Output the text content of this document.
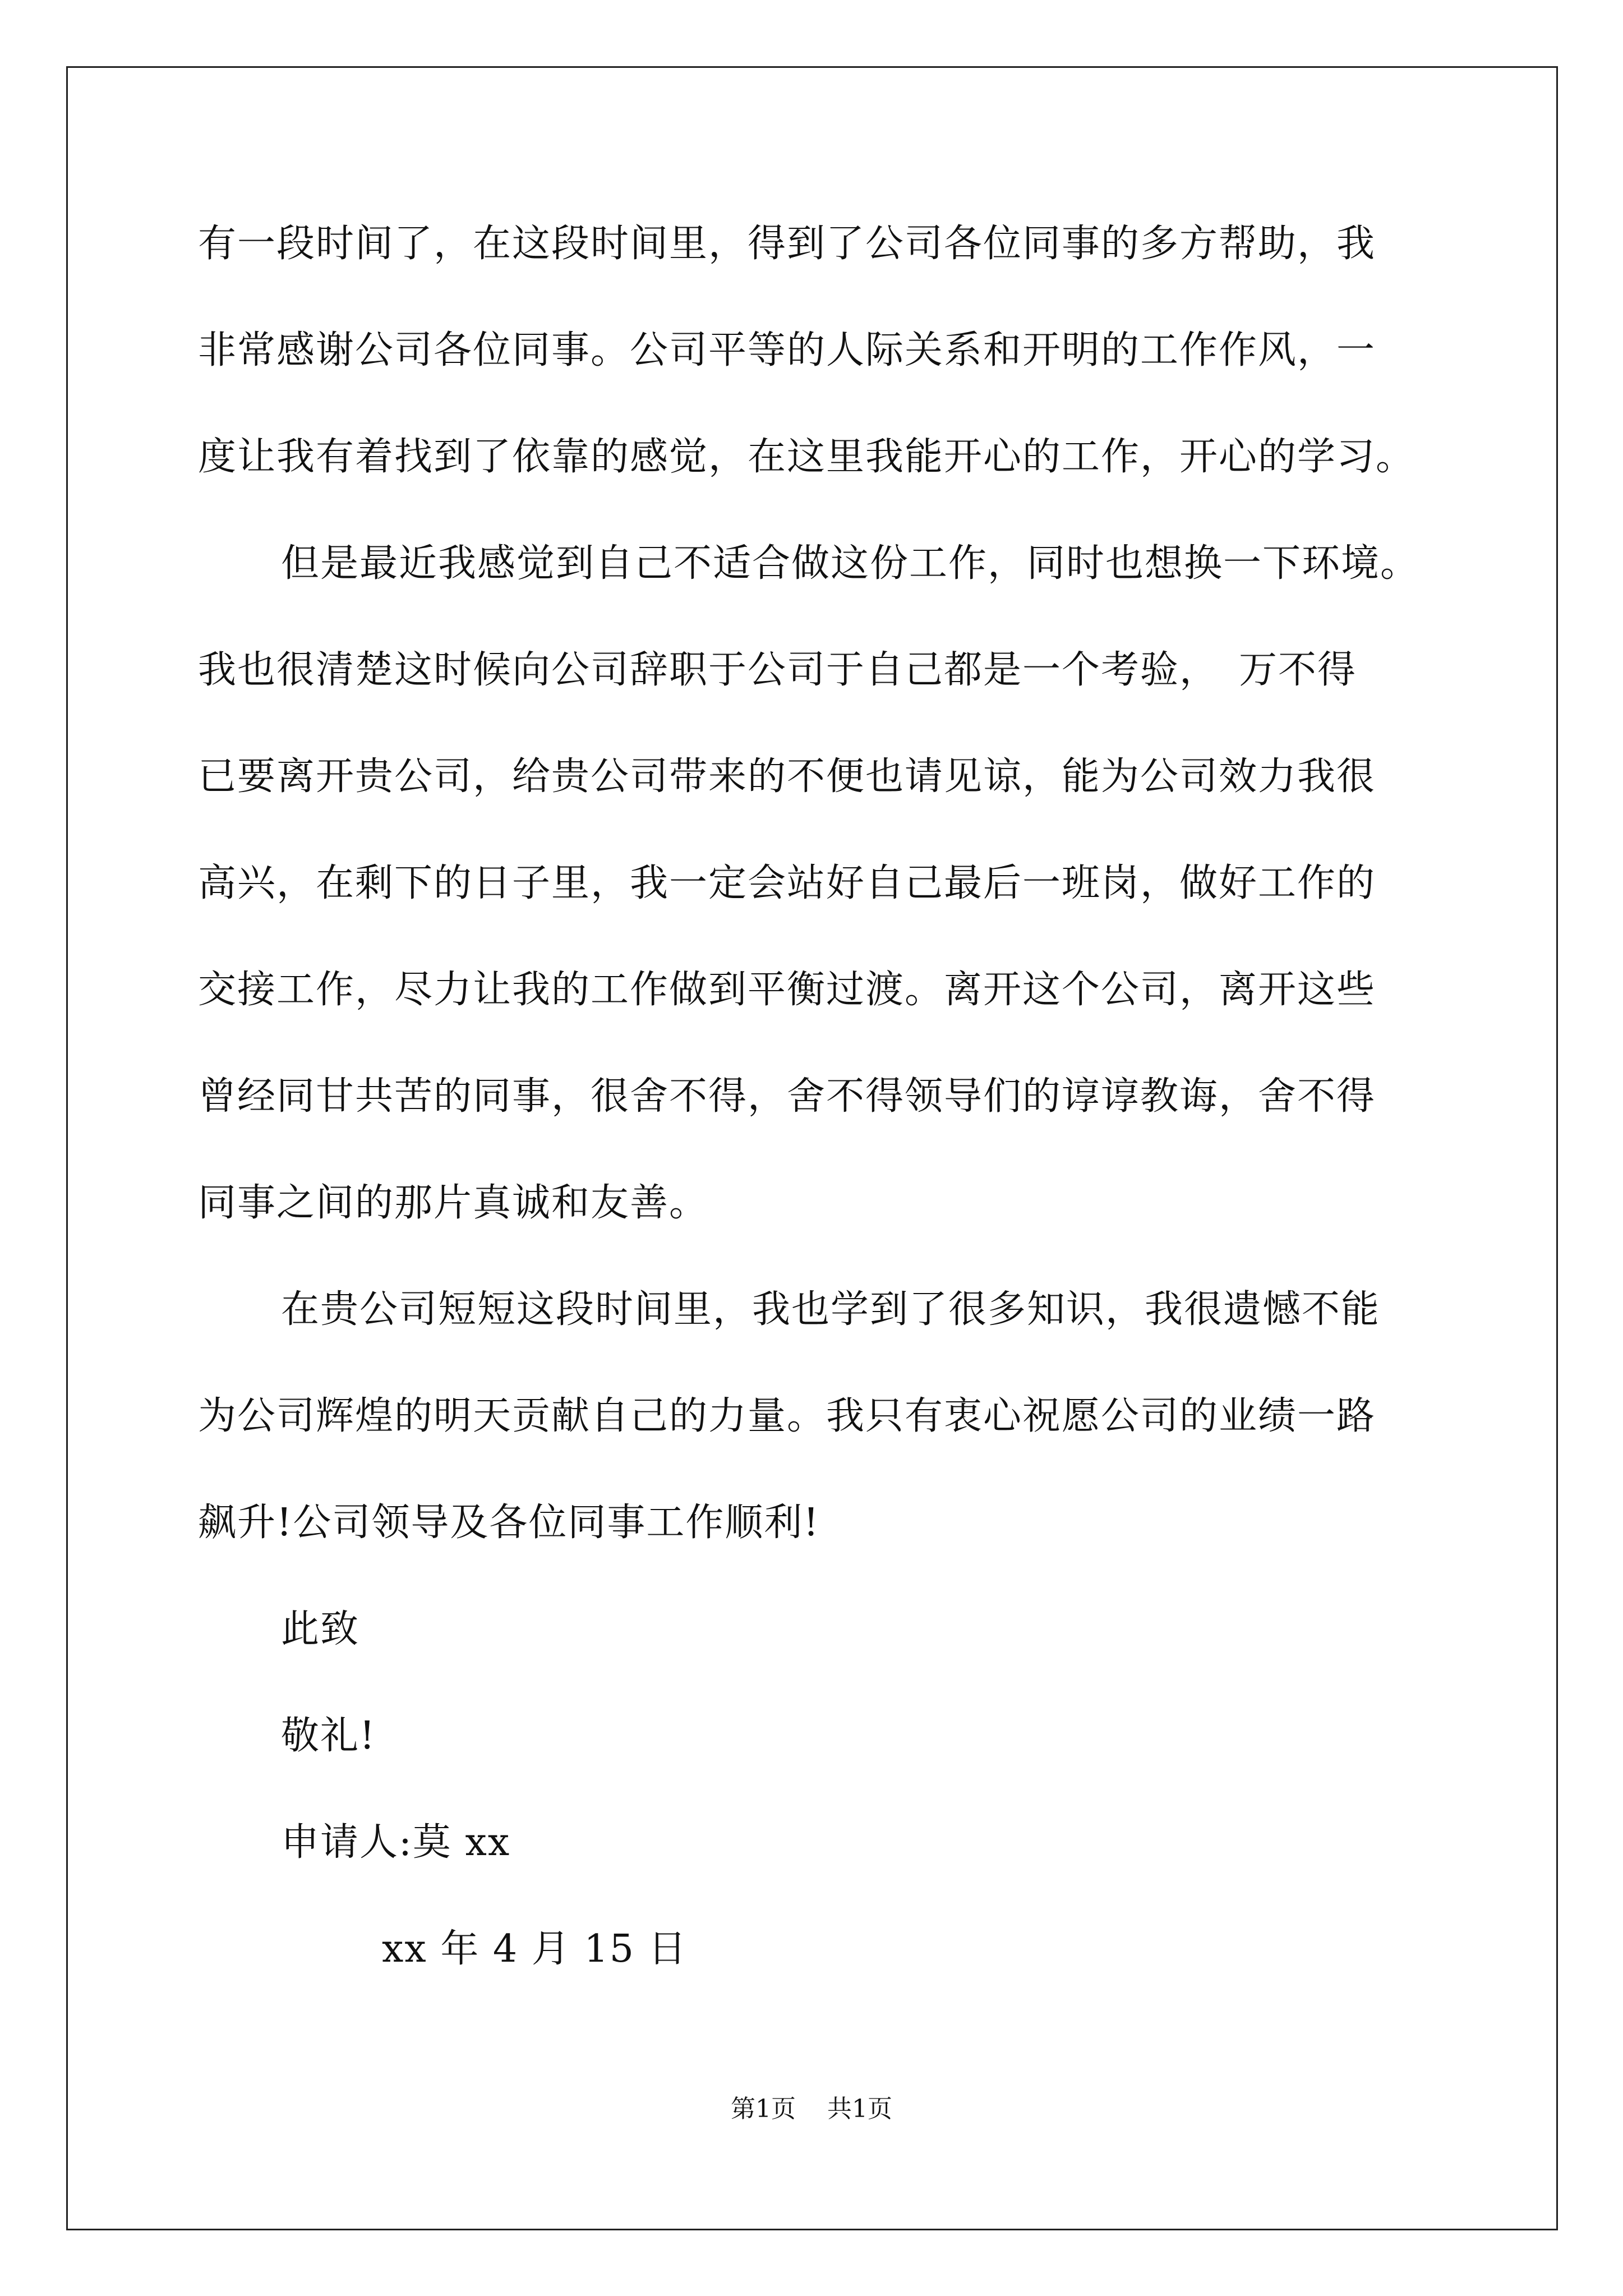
有一段时间了，在这段时间里，得到了公司各位同事的多方帮助，我
非常感谢公司各位同事。公司平等的人际关系和开明的工作作风，一
度让我有着找到了依靠的感觉，在这里我能开心的工作，开心的学习。
但是最近我感觉到自己不适合做这份工作，同时也想换一下环境。
我也很清楚这时候向公司辞职于公司于自己都是一个考验，　万不得
已要离开贵公司，给贵公司带来的不便也请见谅，能为公司效力我很
高兴，在剩下的日子里，我一定会站好自己最后一班岗，做好工作的
交接工作，尽力让我的工作做到平衡过渡。离开这个公司，离开这些
曾经同甘共苦的同事，很舍不得，舍不得领导们的谆谆教诲，舍不得
同事之间的那片真诚和友善。
在贵公司短短这段时间里，我也学到了很多知识，我很遗憾不能
为公司辉煌的明天贡献自己的力量。我只有衷心祝愿公司的业绩一路
飙升!公司领导及各位同事工作顺利!
此致
敬礼!
申请人:莫 xx
xx 年 4 月 15 日
第1页 共1页
